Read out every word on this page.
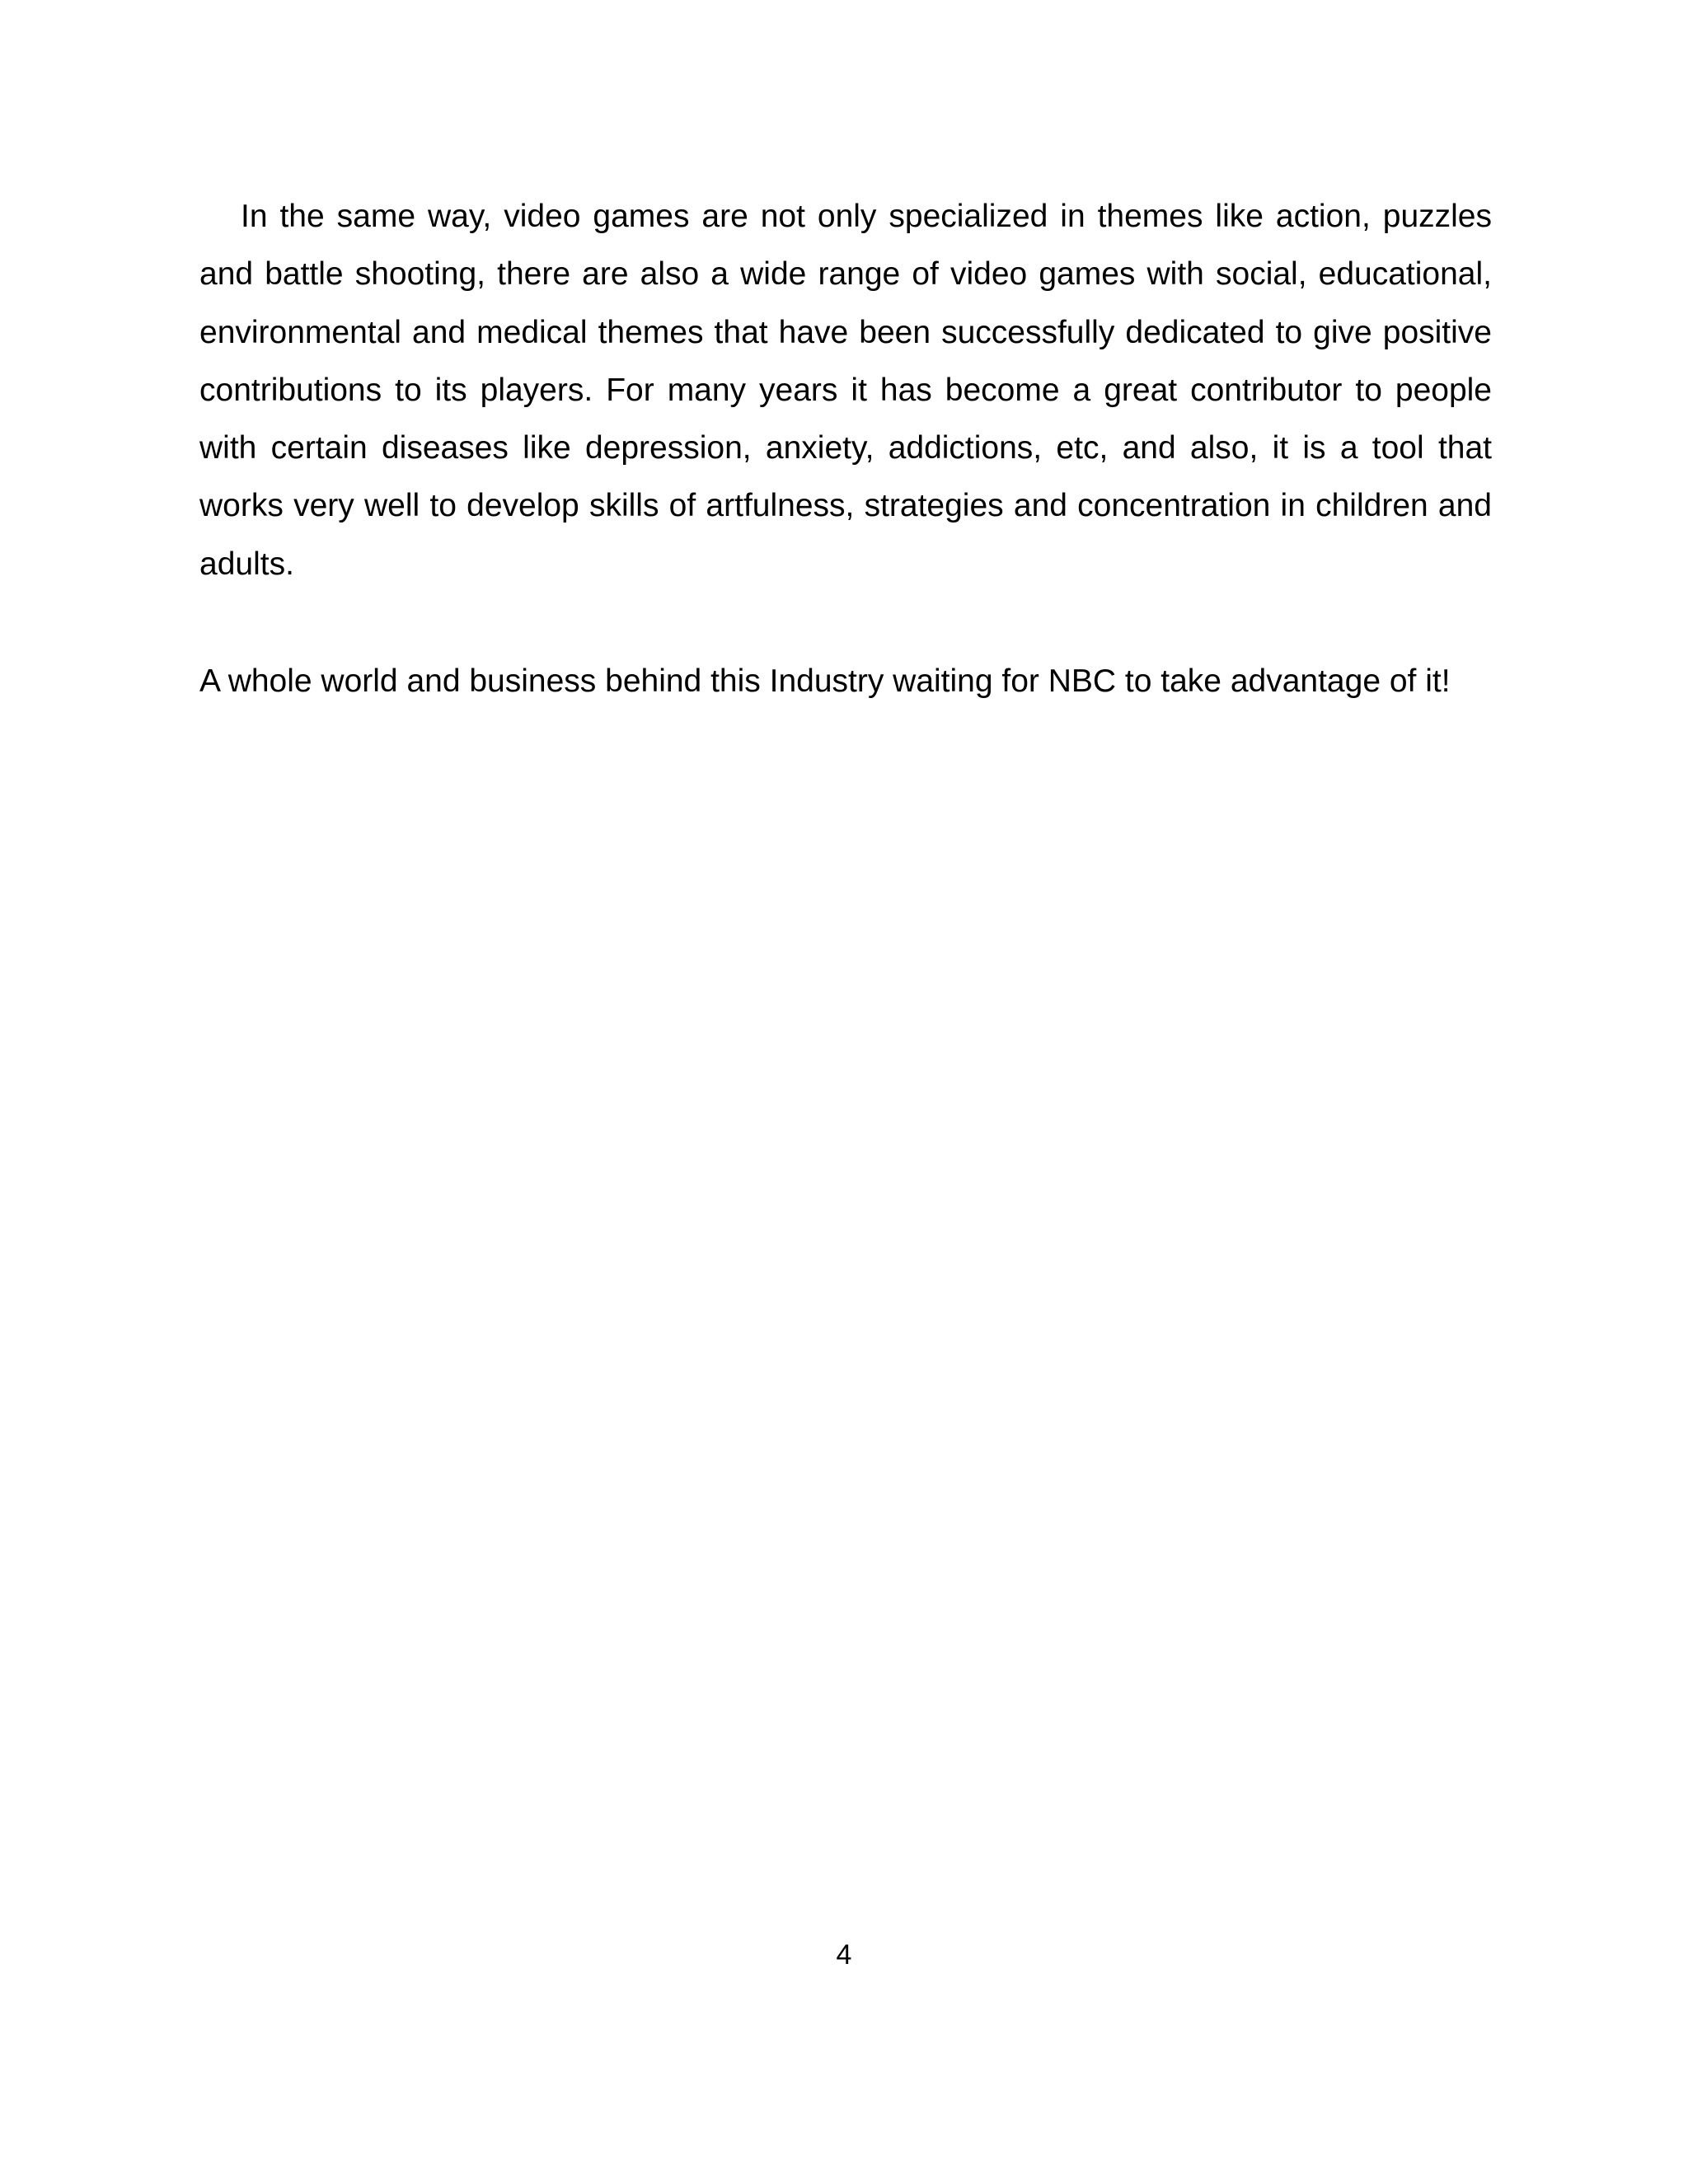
In the same way, video games are not only specialized in themes like action, puzzles and battle shooting, there are also a wide range of video games with social, educational, environmental and medical themes that have been successfully dedicated to give positive contributions to its players. For many years it has become a great contributor to people with certain diseases like depression, anxiety, addictions, etc, and also, it is a tool that works very well to develop skills of artfulness, strategies and concentration in children and adults.

A whole world and business behind this Industry waiting for NBC to take advantage of it!

4
